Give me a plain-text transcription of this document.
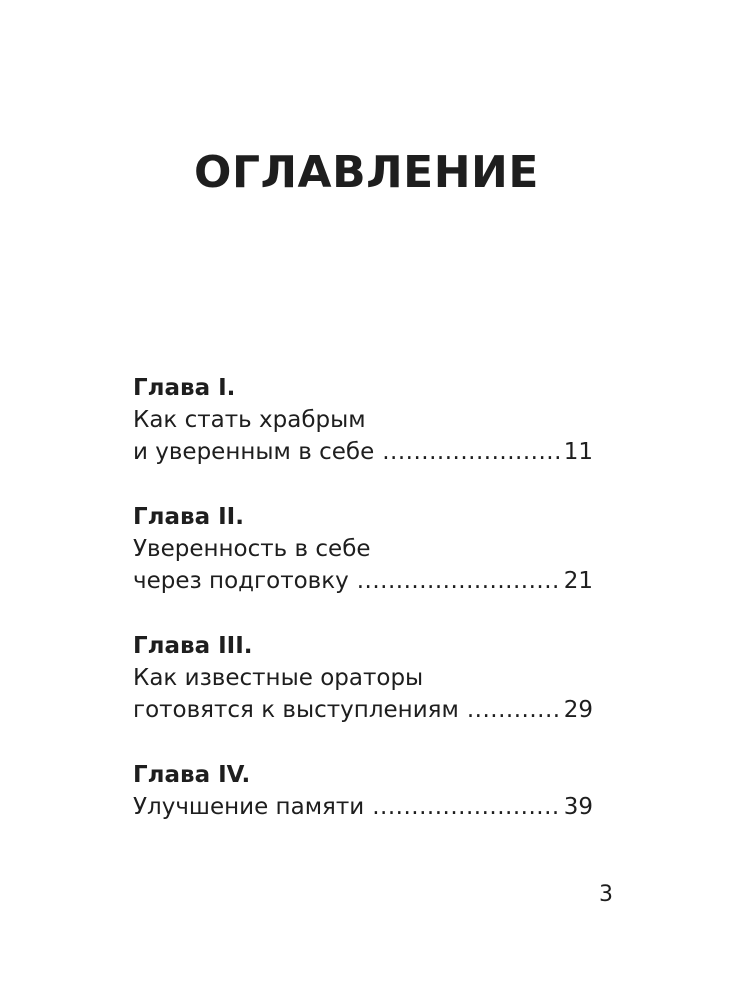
ОГЛАВЛЕНИЕ
Глава I.
Как стать храбрым
и уверенным в себе .....	11
Глава II.
Уверенность в себе
через подготовку .....	21
Глава III.
Как известные ораторы
готовятся к выступлениям .....	29
Глава IV.
Улучшение памяти .....	39
3
